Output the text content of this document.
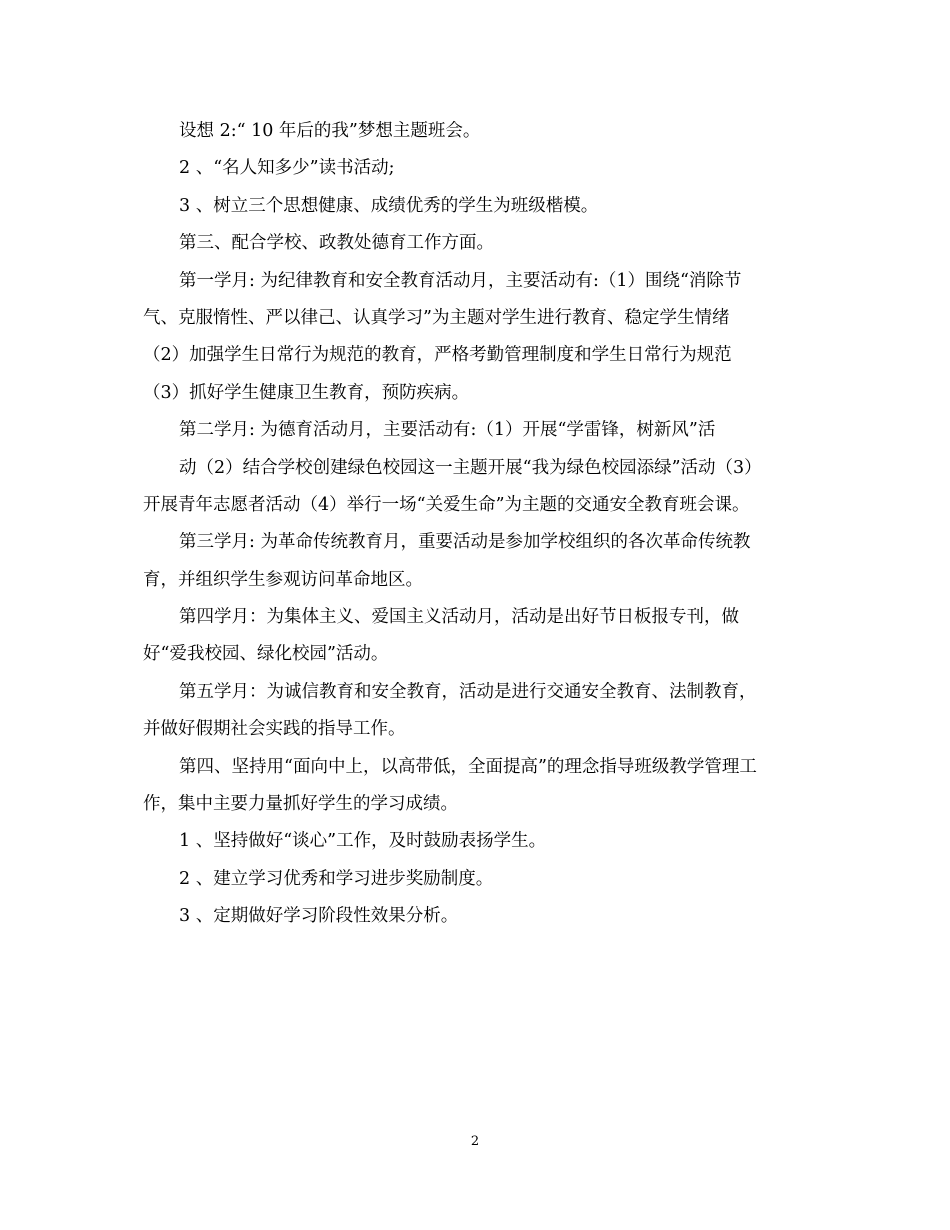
设想 2:“ 10 年后的我”梦想主题班会。
2 、“名人知多少”读书活动;
3 、树立三个思想健康、成绩优秀的学生为班级楷模。
第三、配合学校、政教处德育工作方面。
第一学月: 为纪律教育和安全教育活动月，主要活动有:（1）围绕“消除节
气、克服惰性、严以律己、认真学习”为主题对学生进行教育、稳定学生情绪
（2）加强学生日常行为规范的教育，严格考勤管理制度和学生日常行为规范
（3）抓好学生健康卫生教育，预防疾病。
第二学月: 为德育活动月，主要活动有:（1）开展“学雷锋，树新风”活
动（2）结合学校创建绿色校园这一主题开展“我为绿色校园添绿”活动（3）
开展青年志愿者活动（4）举行一场“关爱生命”为主题的交通安全教育班会课。
第三学月: 为革命传统教育月，重要活动是参加学校组织的各次革命传统教
育，并组织学生参观访问革命地区。
第四学月：为集体主义、爱国主义活动月，活动是出好节日板报专刊，做
好“爱我校园、绿化校园”活动。
第五学月：为诚信教育和安全教育，活动是进行交通安全教育、法制教育，
并做好假期社会实践的指导工作。
第四、坚持用“面向中上，以高带低，全面提高”的理念指导班级教学管理工
作，集中主要力量抓好学生的学习成绩。
1 、坚持做好“谈心”工作，及时鼓励表扬学生。
2 、建立学习优秀和学习进步奖励制度。
3 、定期做好学习阶段性效果分析。
2
